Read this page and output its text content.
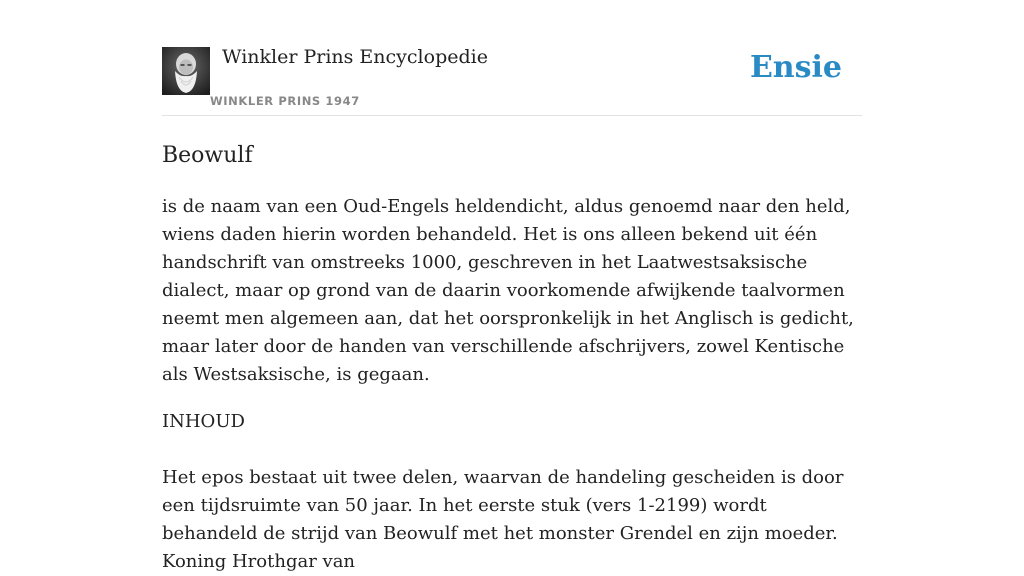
Winkler Prins Encyclopedie
WINKLER PRINS 1947
Ensie
Beowulf

is de naam van een Oud-Engels heldendicht, aldus genoemd naar den held, wiens daden hierin worden behandeld. Het is ons alleen bekend uit één handschrift van omstreeks 1000, geschreven in het Laatwestsaksische dialect, maar op grond van de daarin voorkomende afwijkende taalvormen neemt men algemeen aan, dat het oorspronkelijk in het Anglisch is gedicht, maar later door de handen van verschillende afschrijvers, zowel Kentische als Westsaksische, is gegaan.

INHOUD

Het epos bestaat uit twee delen, waarvan de handeling gescheiden is door een tijdsruimte van 50 jaar. In het eerste stuk (vers 1-2199) wordt behandeld de strijd van Beowulf met het monster Grendel en zijn moeder. Koning Hrothgar van
